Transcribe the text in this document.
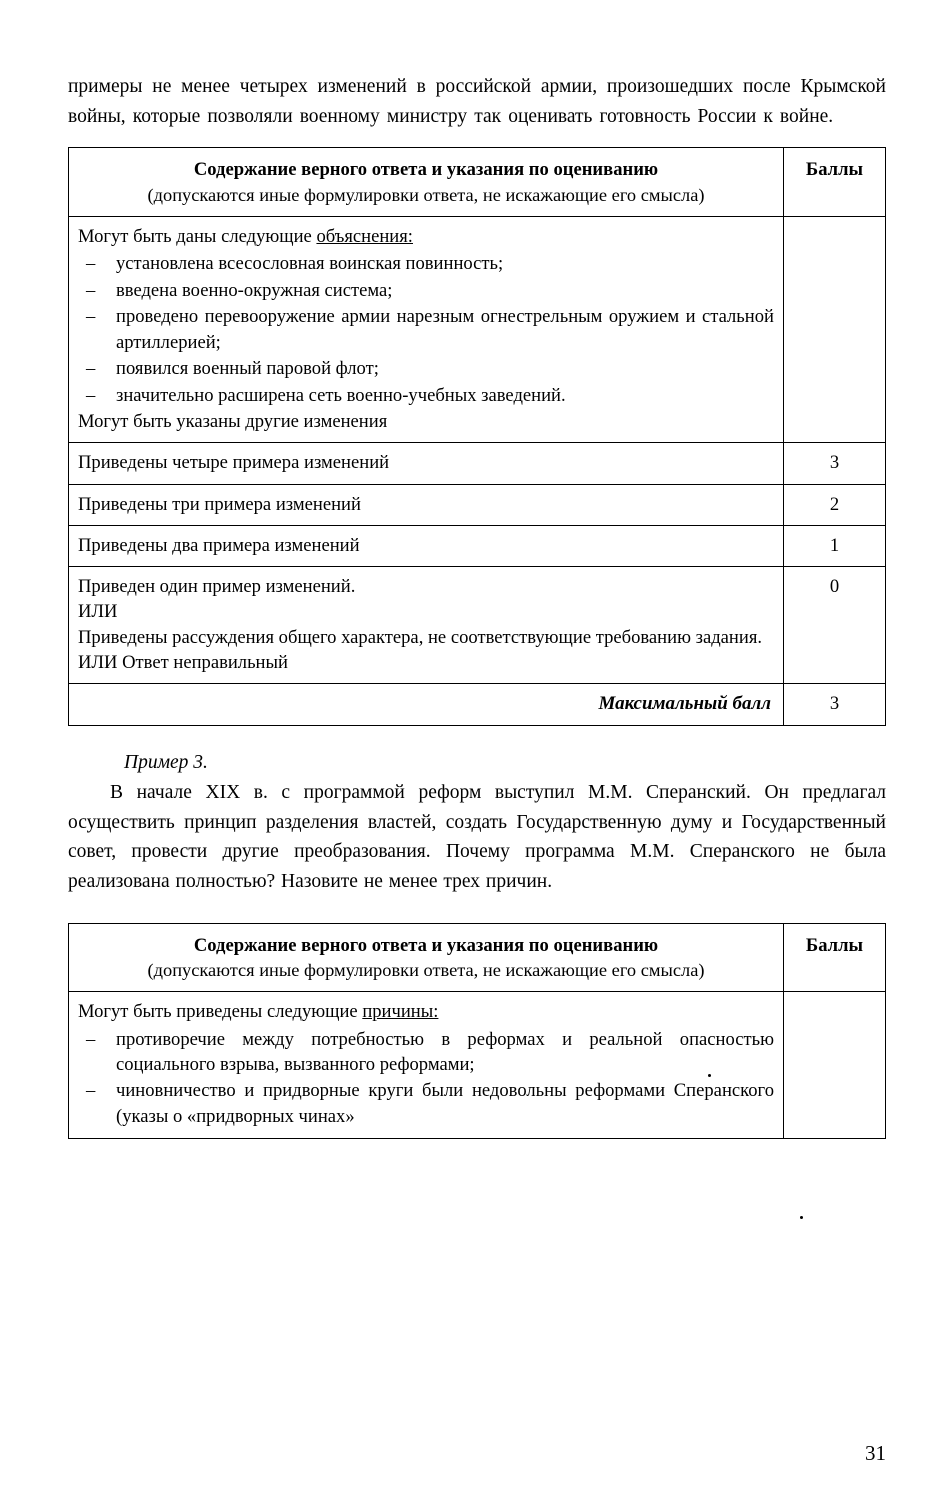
примеры не менее четырех изменений в российской армии, произошедших после Крымской войны, которые позволяли военному министру так оценивать готовность России к войне.

Содержание верного ответа и указания по оцениванию
(допускаются иные формулировки ответа, не искажающие его смысла)	Баллы

Могут быть даны следующие объяснения:
– установлена всесословная воинская повинность;
– введена военно-окружная система;
– проведено перевооружение армии нарезным огнестрельным оружием и стальной артиллерией;
– появился военный паровой флот;
– значительно расширена сеть военно-учебных заведений.
Могут быть указаны другие изменения

Приведены четыре примера изменений	3
Приведены три примера изменений	2
Приведены два примера изменений	1

Приведен один пример изменений.
ИЛИ
Приведены рассуждения общего характера, не соответствующие требованию задания.
ИЛИ Ответ неправильный	0
Максимальный балл	3
Пример 3.

В начале XIX в. с программой реформ выступил М.М. Сперанский. Он предлагал осуществить принцип разделения властей, создать Государственную думу и Государственный совет, провести другие преобразования. Почему программа М.М. Сперанского не была реализована полностью? Назовите не менее трех причин.

Содержание верного ответа и указания по оцениванию
(допускаются иные формулировки ответа, не искажающие его смысла)	Баллы

Могут быть приведены следующие причины:
– противоречие между потребностью в реформах и реальной опасностью социального взрыва, вызванного реформами;
– чиновничество и придворные круги были недовольны реформами Сперанского (указы о «придворных чинах»

31
